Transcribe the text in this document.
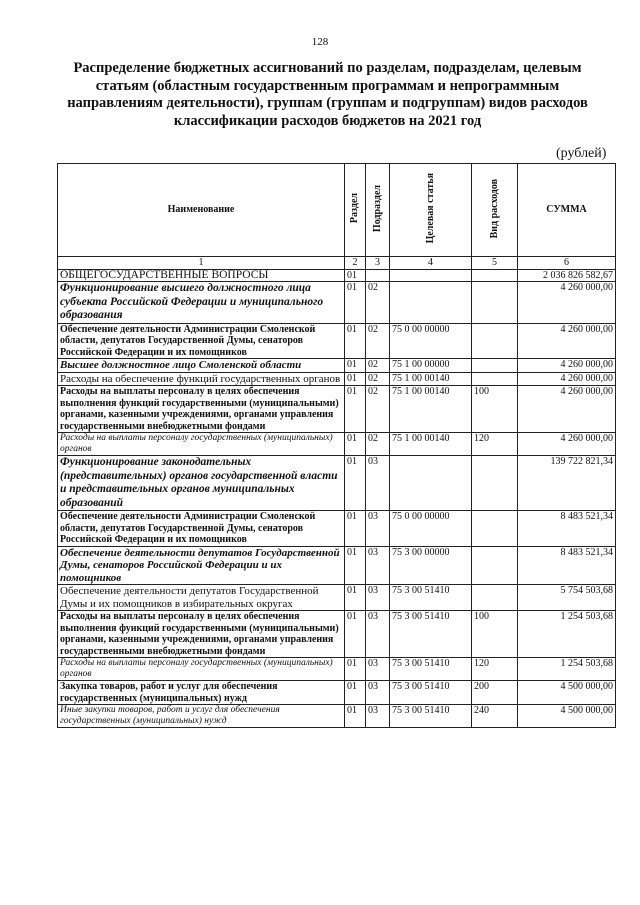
128
Распределение бюджетных ассигнований по разделам, подразделам, целевым статьям (областным государственным программам и непрограммным направлениям деятельности), группам (группам и подгруппам) видов расходов классификации расходов бюджетов на 2021 год
(рублей)
Наименование	Раздел	Подраздел	Целевая статья	Вид расходов	СУММА
1	2	3	4	5	6
ОБЩЕГОСУДАРСТВЕННЫЕ ВОПРОСЫ	01				2 036 826 582,67
Функционирование высшего должностного лица субъекта Российской Федерации и муниципального образования	01	02			4 260 000,00
Обеспечение деятельности Администрации Смоленской области, депутатов Государственной Думы, сенаторов Российской Федерации и их помощников	01	02	75 0 00 00000		4 260 000,00
Высшее должностное лицо Смоленской области	01	02	75 1 00 00000		4 260 000,00
Расходы на обеспечение функций государственных органов	01	02	75 1 00 00140		4 260 000,00
Расходы на выплаты персоналу в целях обеспечения выполнения функций государственными (муниципальными) органами, казенными учреждениями, органами управления государственными внебюджетными фондами	01	02	75 1 00 00140	100	4 260 000,00
Расходы на выплаты персоналу государственных (муниципальных) органов	01	02	75 1 00 00140	120	4 260 000,00
Функционирование законодательных (представительных) органов государственной власти и представительных органов муниципальных образований	01	03			139 722 821,34
Обеспечение деятельности Администрации Смоленской области, депутатов Государственной Думы, сенаторов Российской Федерации и их помощников	01	03	75 0 00 00000		8 483 521,34
Обеспечение деятельности депутатов Государственной Думы, сенаторов Российской Федерации и их помощников	01	03	75 3 00 00000		8 483 521,34
Обеспечение деятельности депутатов Государственной Думы и их помощников в избирательных округах	01	03	75 3 00 51410		5 754 503,68
Расходы на выплаты персоналу в целях обеспечения выполнения функций государственными (муниципальными) органами, казенными учреждениями, органами управления государственными внебюджетными фондами	01	03	75 3 00 51410	100	1 254 503,68
Расходы на выплаты персоналу государственных (муниципальных) органов	01	03	75 3 00 51410	120	1 254 503,68
Закупка товаров, работ и услуг для обеспечения государственных (муниципальных) нужд	01	03	75 3 00 51410	200	4 500 000,00
Иные закупки товаров, работ и услуг для обеспечения государственных (муниципальных) нужд	01	03	75 3 00 51410	240	4 500 000,00
